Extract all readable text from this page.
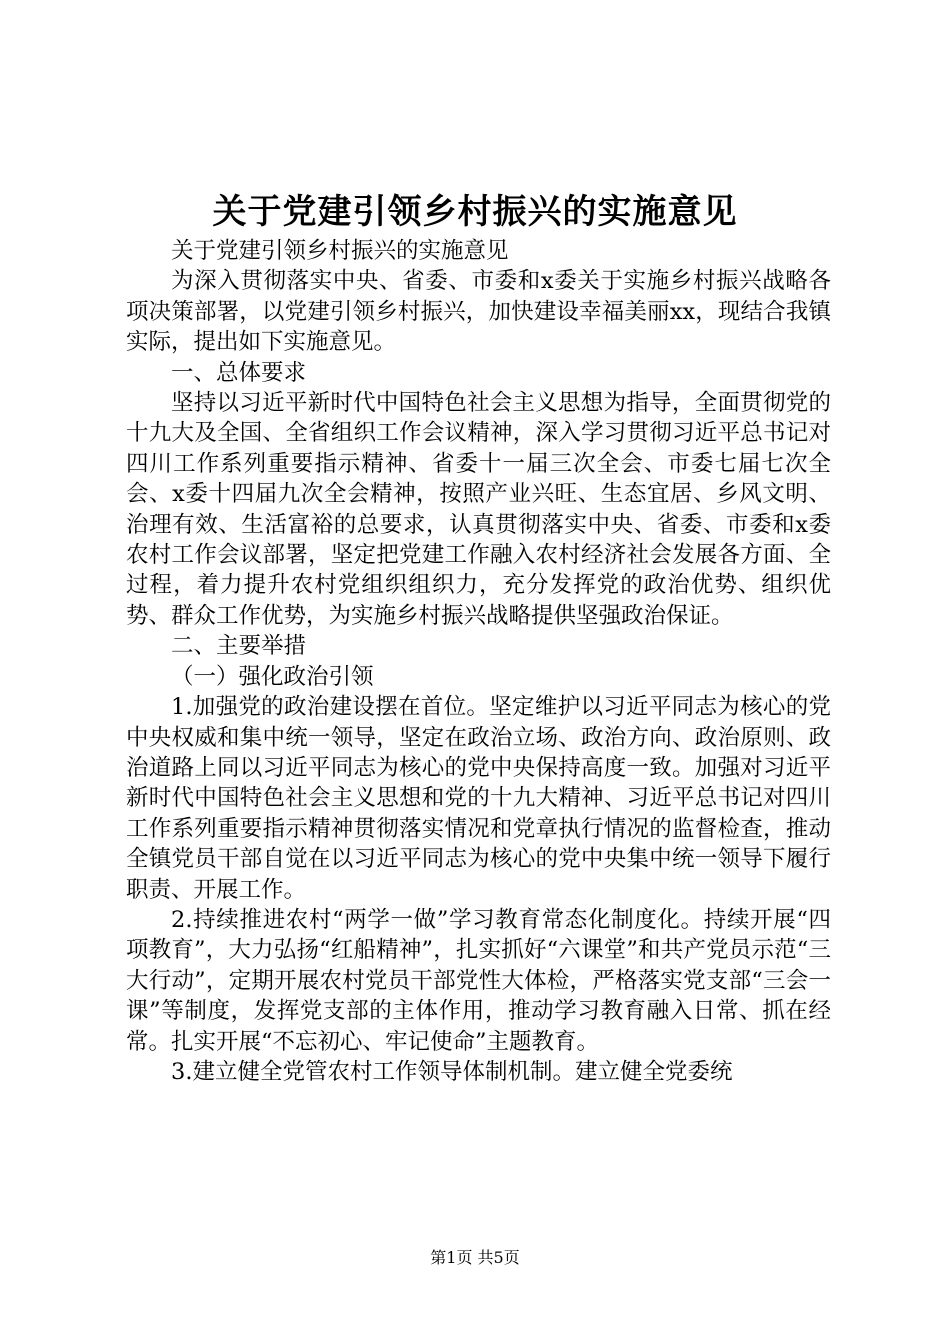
关于党建引领乡村振兴的实施意见

关于党建引领乡村振兴的实施意见

为深入贯彻落实中央、省委、市委和x委关于实施乡村振兴战略各项决策部署，以党建引领乡村振兴，加快建设幸福美丽xx，现结合我镇实际，提出如下实施意见。

一、总体要求

坚持以习近平新时代中国特色社会主义思想为指导，全面贯彻党的十九大及全国、全省组织工作会议精神，深入学习贯彻习近平总书记对四川工作系列重要指示精神、省委十一届三次全会、市委七届七次全会、x委十四届九次全会精神，按照产业兴旺、生态宜居、乡风文明、治理有效、生活富裕的总要求，认真贯彻落实中央、省委、市委和x委农村工作会议部署，坚定把党建工作融入农村经济社会发展各方面、全过程，着力提升农村党组织组织力，充分发挥党的政治优势、组织优势、群众工作优势，为实施乡村振兴战略提供坚强政治保证。

二、主要举措

（一）强化政治引领

1.加强党的政治建设摆在首位。坚定维护以习近平同志为核心的党中央权威和集中统一领导，坚定在政治立场、政治方向、政治原则、政治道路上同以习近平同志为核心的党中央保持高度一致。加强对习近平新时代中国特色社会主义思想和党的十九大精神、习近平总书记对四川工作系列重要指示精神贯彻落实情况和党章执行情况的监督检查，推动全镇党员干部自觉在以习近平同志为核心的党中央集中统一领导下履行职责、开展工作。

2.持续推进农村“两学一做”学习教育常态化制度化。持续开展“四项教育”，大力弘扬“红船精神”，扎实抓好“六课堂”和共产党员示范“三大行动”，定期开展农村党员干部党性大体检，严格落实党支部“三会一课”等制度，发挥党支部的主体作用，推动学习教育融入日常、抓在经常。扎实开展“不忘初心、牢记使命”主题教育。

3.建立健全党管农村工作领导体制机制。建立健全党委统

第1页 共5页
